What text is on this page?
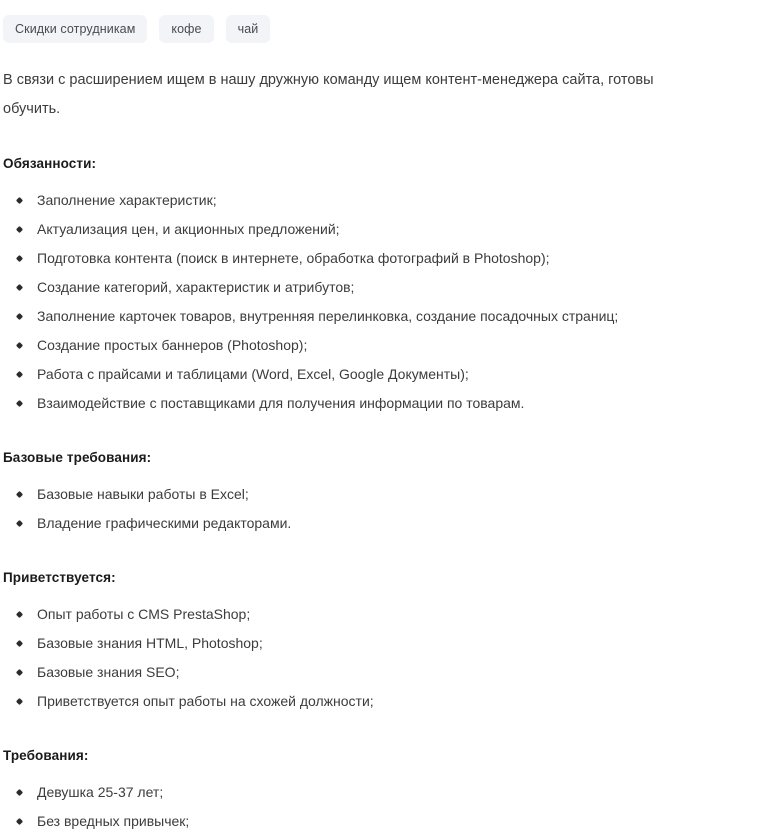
Скидки сотрудникам	кофе	чай

В связи с расширением ищем в нашу дружную команду ищем контент-менеджера сайта, готовы обучить.

Обязанности:
Заполнение характеристик;
Актуализация цен, и акционных предложений;
Подготовка контента (поиск в интернете, обработка фотографий в Photoshop);
Создание категорий, характеристик и атрибутов;
Заполнение карточек товаров, внутренняя перелинковка, создание посадочных страниц;
Создание простых баннеров (Photoshop);
Работа с прайсами и таблицами (Word, Excel, Google Документы);
Взаимодействие с поставщиками для получения информации по товарам.
Базовые требования:
Базовые навыки работы в Excel;
Владение графическими редакторами.
Приветствуется:
Опыт работы с CMS PrestaShop;
Базовые знания HTML, Photoshop;
Базовые знания SEO;
Приветствуется опыт работы на схожей должности;
Требования:
Девушка 25-37 лет;
Без вредных привычек;
